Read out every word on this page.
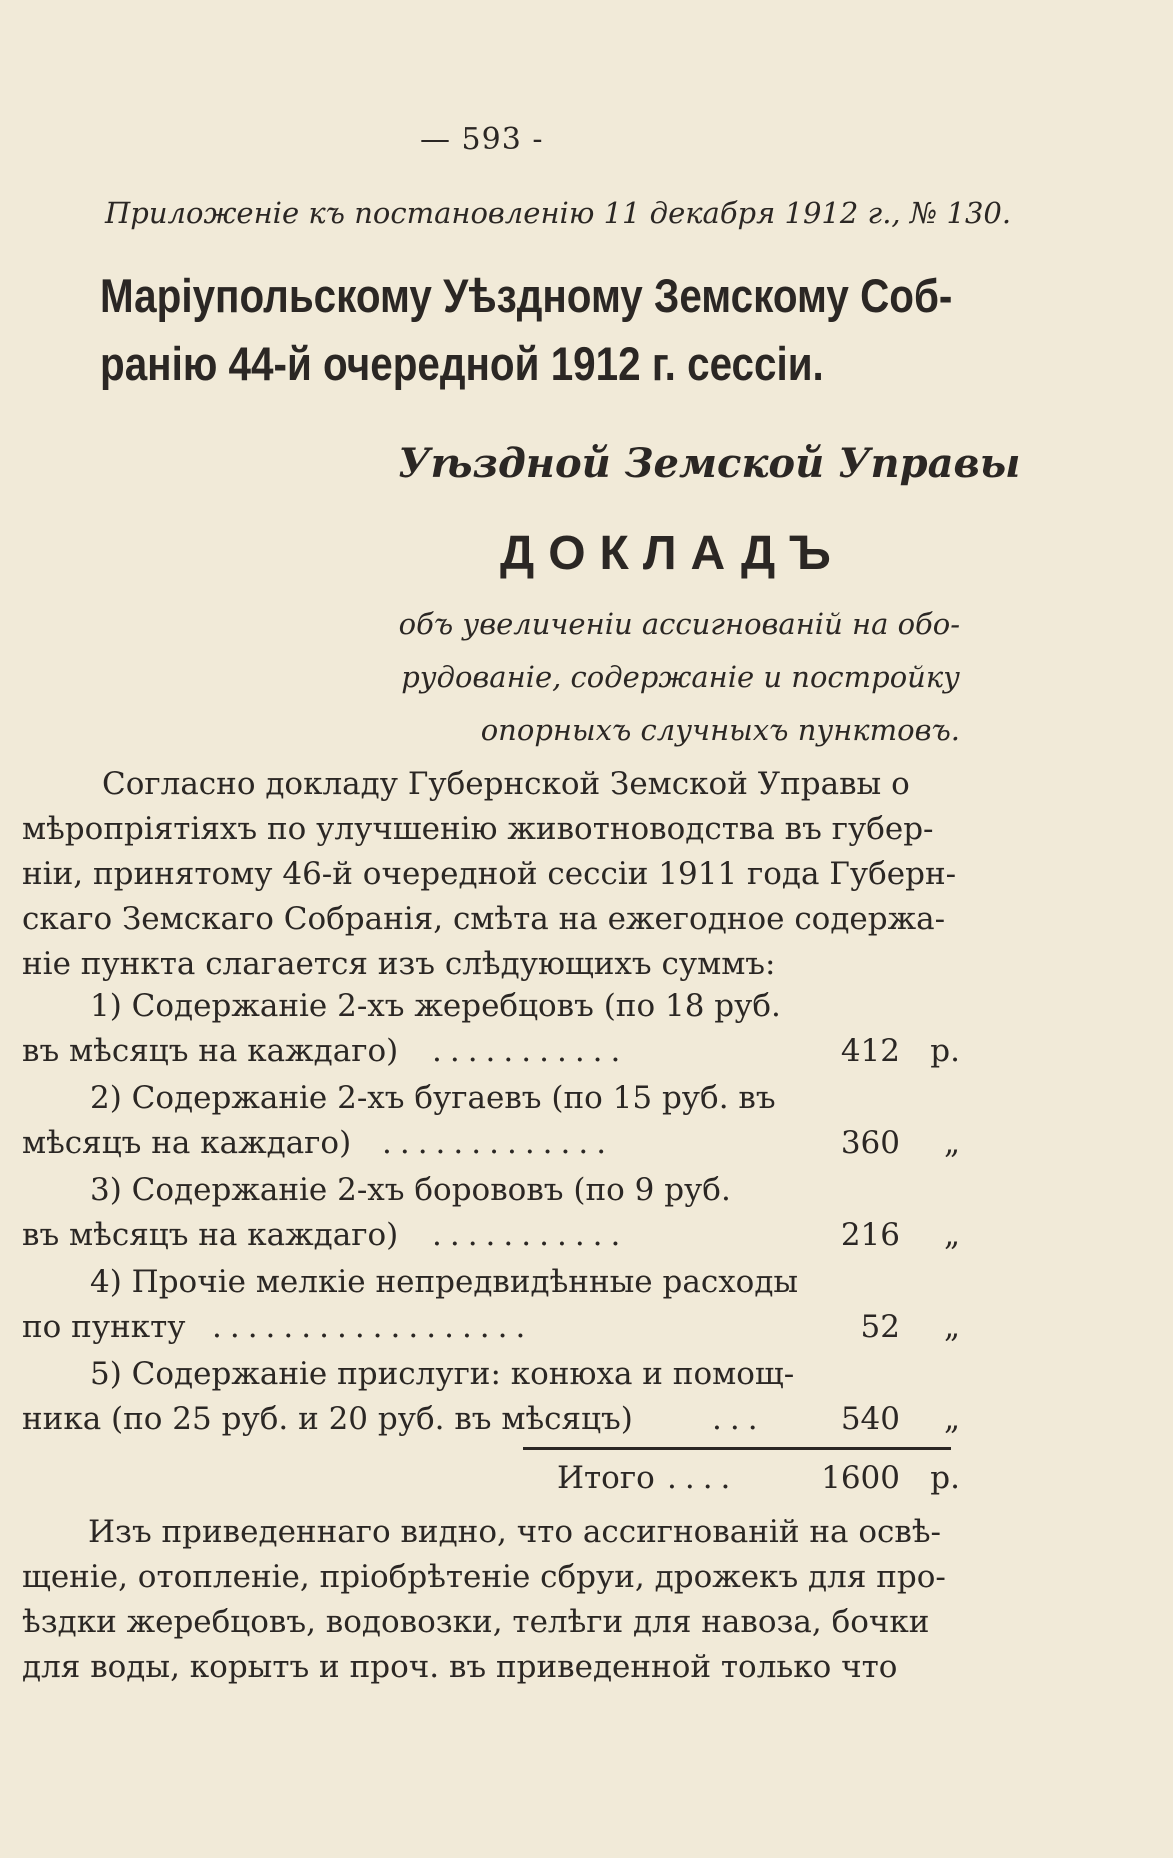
— 593 -
Приложеніе къ постановленію 11 декабря 1912 г., № 130.
Маріупольскому Уѣздному Земскому Соб-
ранію 44-й очередной 1912 г. сессіи.
Уѣздной Земской Управы
ДОКЛАДЪ
объ увеличеніи ассигнованій на обо-
рудованіе, содержаніе и постройку
опорныхъ случныхъ пунктовъ.
Согласно докладу Губернской Земской Управы о
мѣропріятіяхъ по улучшенію животноводства въ губер-
ніи, принятому 46-й очередной сессіи 1911 года Губерн-
скаго Земскаго Собранія, смѣта на ежегодное содержа-
ніе пункта слагается изъ слѣдующихъ суммъ:
1) Содержаніе 2-хъ жеребцовъ (по 18 руб.
въ мѣсяцъ на каждаго) ...........	412 р.
2) Содержаніе 2-хъ бугаевъ (по 15 руб. въ
мѣсяцъ на каждаго) .............	360 „
3) Содержаніе 2-хъ борововъ (по 9 руб.
въ мѣсяцъ на каждаго) ...........	216 „
4) Прочіе мелкіе непредвидѣнные расходы
по пункту ..................	52 „
5) Содержаніе прислуги: конюха и помощ-
ника (по 25 руб. и 20 руб. въ мѣсяцъ)	... 540 „
Итого ....	1600 р.
Изъ приведеннаго видно, что ассигнованій на освѣ-
щеніе, отопленіе, пріобрѣтеніе сбруи, дрожекъ для про-
ѣздки жеребцовъ, водовозки, телѣги для навоза, бочки
для воды, корытъ и проч. въ приведенной только что
